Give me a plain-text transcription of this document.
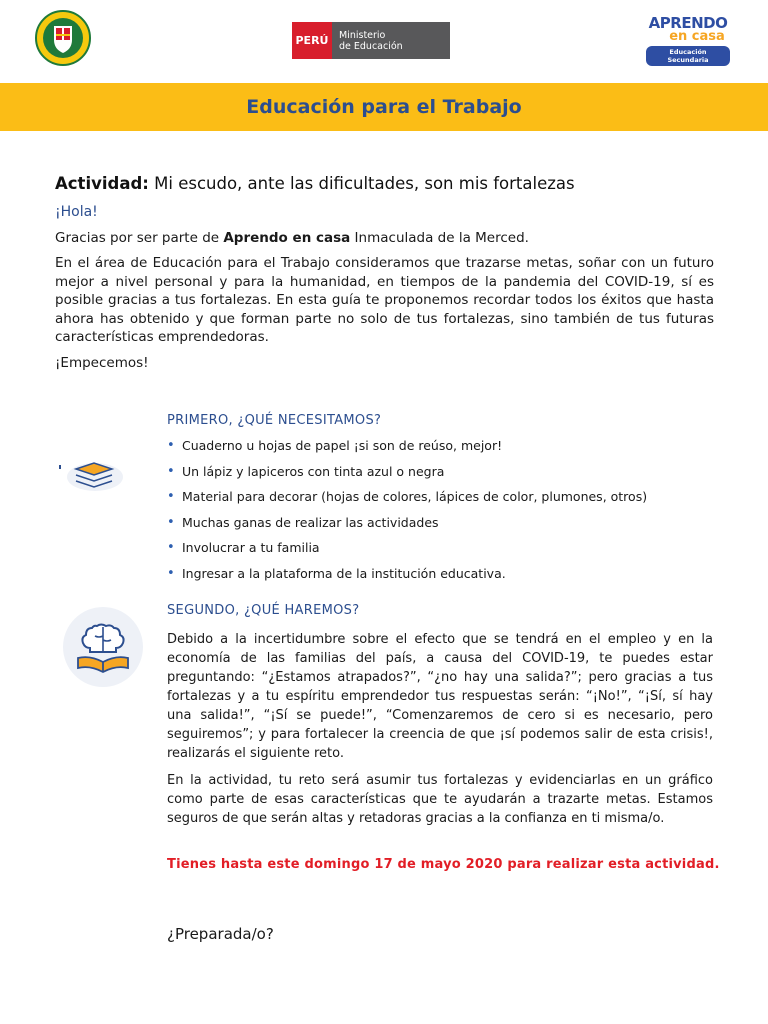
PERÚ	Ministerio
de Educación
APRENDO
en casa
Educación Secundaria
Educación para el Trabajo
Actividad: Mi escudo, ante las dificultades, son mis fortalezas
¡Hola!

Gracias por ser parte de Aprendo en casa Inmaculada de la Merced.

En el área de Educación para el Trabajo consideramos que trazarse metas, soñar con un futuro mejor a nivel personal y para la humanidad, en tiempos de la pandemia del COVID-19, sí es posible gracias a tus fortalezas. En esta guía te proponemos recordar todos los éxitos que hasta ahora has obtenido y que forman parte no solo de tus fortalezas, sino también de tus futuras características emprendedoras.

¡Empecemos!

PRIMERO, ¿QUÉ NECESITAMOS?
• Cuaderno u hojas de papel ¡si son de reúso, mejor!
• Un lápiz y lapiceros con tinta azul o negra
• Material para decorar (hojas de colores, lápices de color, plumones, otros)
• Muchas ganas de realizar las actividades
• Involucrar a tu familia
• Ingresar a la plataforma de la institución educativa.
SEGUNDO, ¿QUÉ HAREMOS?

Debido a la incertidumbre sobre el efecto que se tendrá en el empleo y en la economía de las familias del país, a causa del COVID-19, te puedes estar preguntando: “¿Estamos atrapados?”, “¿no hay una salida?”; pero gracias a tus fortalezas y a tu espíritu emprendedor tus respuestas serán: “¡No!”, “¡Sí, sí hay una salida!”, “¡Sí se puede!”, “Comenzaremos de cero si es necesario, pero seguiremos”; y para fortalecer la creencia de que ¡sí podemos salir de esta crisis!, realizarás el siguiente reto.

En la actividad, tu reto será asumir tus fortalezas y evidenciarlas en un gráfico como parte de esas características que te ayudarán a trazarte metas. Estamos seguros de que serán altas y retadoras gracias a la confianza en ti misma/o.

Tienes hasta este domingo 17 de mayo 2020 para realizar esta actividad.

¿Preparada/o?
